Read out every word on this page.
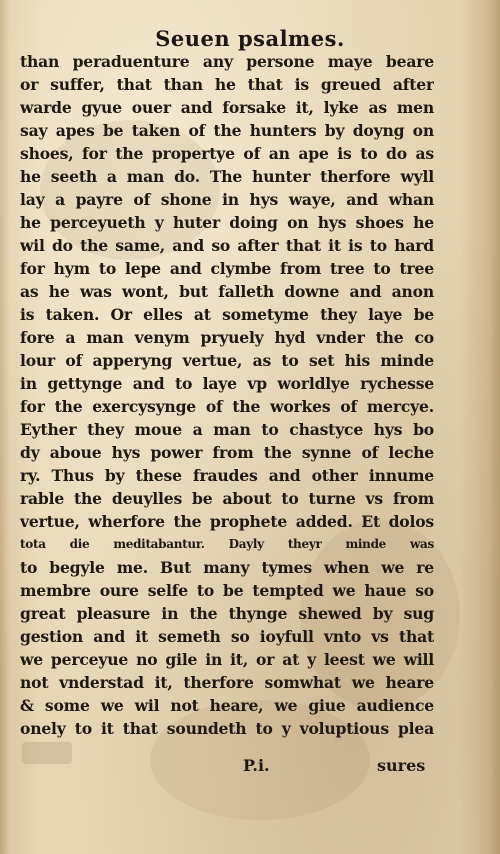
Seuen psalmes.
than peraduenture any persone maye beare
or suffer, that than he that is greued after
warde gyue ouer and forsake it, lyke as men
say apes be taken of the hunters by doyng on
shoes, for the propertye of an ape is to do as
he seeth a man do. The hunter therfore wyll
lay a payre of shone in hys waye, and whan
he perceyueth y huter doing on hys shoes he
wil do the same, and so after that it is to hard
for hym to lepe and clymbe from tree to tree
as he was wont, but falleth downe and anon
is taken. Or elles at sometyme they laye be
fore a man venym pryuely hyd vnder the co
lour of apperyng vertue, as to set his minde
in gettynge and to laye vp worldlye rychesse
for the exercysynge of the workes of mercye.
Eyther they moue a man to chastyce hys bo
dy aboue hys power from the synne of leche
ry. Thus by these fraudes and other innume
rable the deuylles be about to turne vs from
vertue, wherfore the prophete added. Et dolos
tota die meditabantur. Dayly theyr minde was
to begyle me. But many tymes when we re
membre oure selfe to be tempted we haue so
great pleasure in the thynge shewed by sug
gestion and it semeth so ioyfull vnto vs that
we perceyue no gile in it, or at y leest we will
not vnderstad it, therfore somwhat we heare
& some we wil not heare, we giue audience
onely to it that soundeth to y voluptious plea
P.i.	sures
